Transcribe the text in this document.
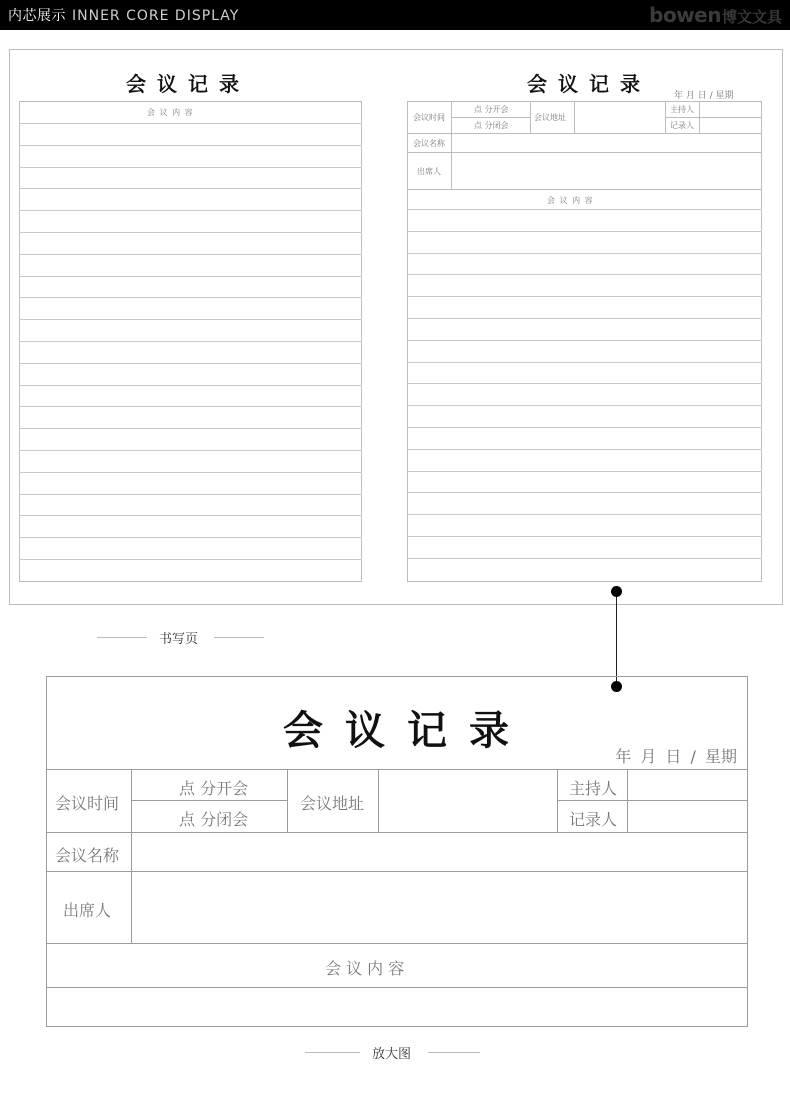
内芯展示 INNER CORE DISPLAY	bowen 博文文具
会议记录
会 议 内 容
会议记录	年 月 日 / 星期
会议时间
点 分开会
点 分闭会
会议地址
主持人
记录人
会议名称
出席人
会 议 内 容
书写页
会议记录
年 月 日 / 星期
会议时间
点 分开会
点 分闭会
会议地址
主持人
记录人
会议名称
出席人
会 议 内 容
放大图
